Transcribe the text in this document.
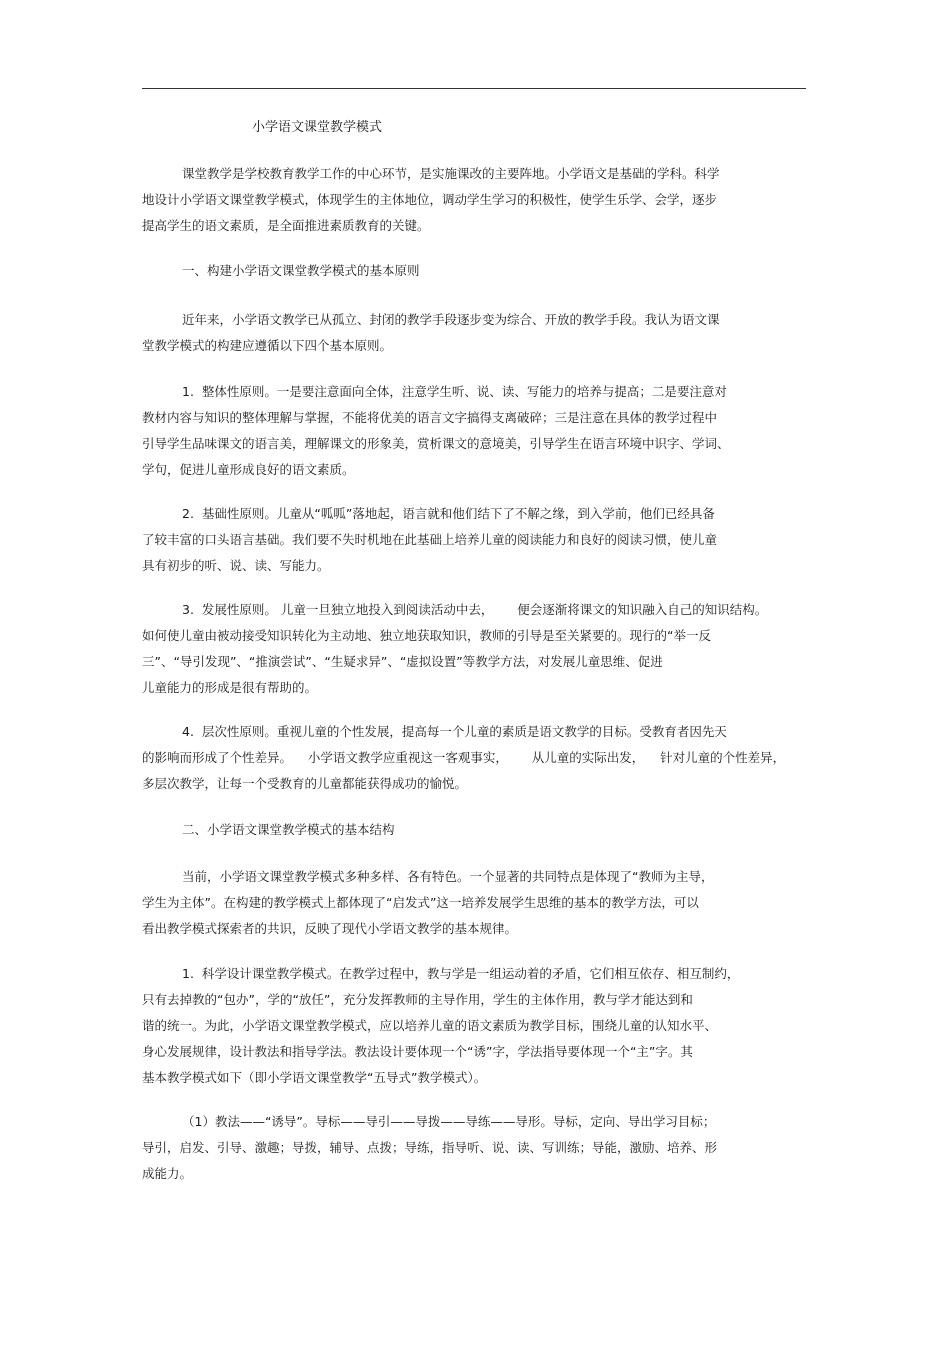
小学语文课堂教学模式
课堂教学是学校教育教学工作的中心环节，是实施课改的主要阵地。小学语文是基础的学科。科学
地设计小学语文课堂教学模式，体现学生的主体地位，调动学生学习的积极性，使学生乐学、会学，逐步
提高学生的语文素质，是全面推进素质教育的关键。
一、构建小学语文课堂教学模式的基本原则
近年来，小学语文教学已从孤立、封闭的教学手段逐步变为综合、开放的教学手段。我认为语文课
堂教学模式的构建应遵循以下四个基本原则。
1.  整体性原则。一是要注意面向全体，注意学生听、说、读、写能力的培养与提高；二是要注意对
教材内容与知识的整体理解与掌握，不能将优美的语言文字搞得支离破碎；三是注意在具体的教学过程中
引导学生品味课文的语言美，理解课文的形象美，赏析课文的意境美，引导学生在语言环境中识字、学词、
学句，促进儿童形成良好的语文素质。
2.  基础性原则。儿童从“呱呱”落地起，语言就和他们结下了不解之缘，到入学前，他们已经具备
了较丰富的口头语言基础。我们要不失时机地在此基础上培养儿童的阅读能力和良好的阅读习惯，使儿童
具有初步的听、说、读、写能力。
3.  发展性原则。 儿童一旦独立地投入到阅读活动中去，      便会逐渐将课文的知识融入自己的知识结构。
如何使儿童由被动接受知识转化为主动地、独立地获取知识，教师的引导是至关紧要的。现行的“举一反
三”、“导引发现”、“推演尝试”、“生疑求异”、“虚拟设置”等教学方法，对发展儿童思维、促进
儿童能力的形成是很有帮助的。
4.  层次性原则。重视儿童的个性发展，提高每一个儿童的素质是语文教学的目标。受教育者因先天
的影响而形成了个性差异。    小学语文教学应重视这一客观事实，      从儿童的实际出发，    针对儿童的个性差异，
多层次教学，让每一个受教育的儿童都能获得成功的愉悦。
二、小学语文课堂教学模式的基本结构
当前，小学语文课堂教学模式多种多样、各有特色。一个显著的共同特点是体现了“教师为主导，
学生为主体”。在构建的教学模式上都体现了“启发式”这一培养发展学生思维的基本的教学方法，可以
看出教学模式探索者的共识，反映了现代小学语文教学的基本规律。
1.  科学设计课堂教学模式。在教学过程中，教与学是一组运动着的矛盾，它们相互依存、相互制约，
只有去掉教的“包办”，学的“放任”，充分发挥教师的主导作用，学生的主体作用，教与学才能达到和
谐的统一。为此，小学语文课堂教学模式，应以培养儿童的语文素质为教学目标，围绕儿童的认知水平、
身心发展规律，设计教法和指导学法。教法设计要体现一个“诱”字，学法指导要体现一个“主”字。其
基本教学模式如下（即小学语文课堂教学“五导式”教学模式）。
（1）教法——“诱导”。导标——导引——导拨——导练——导形。导标，定向、导出学习目标；
导引，启发、引导、激趣；导拨，辅导、点拨；导练，指导听、说、读、写训练；导能，激励、培养、形
成能力。
